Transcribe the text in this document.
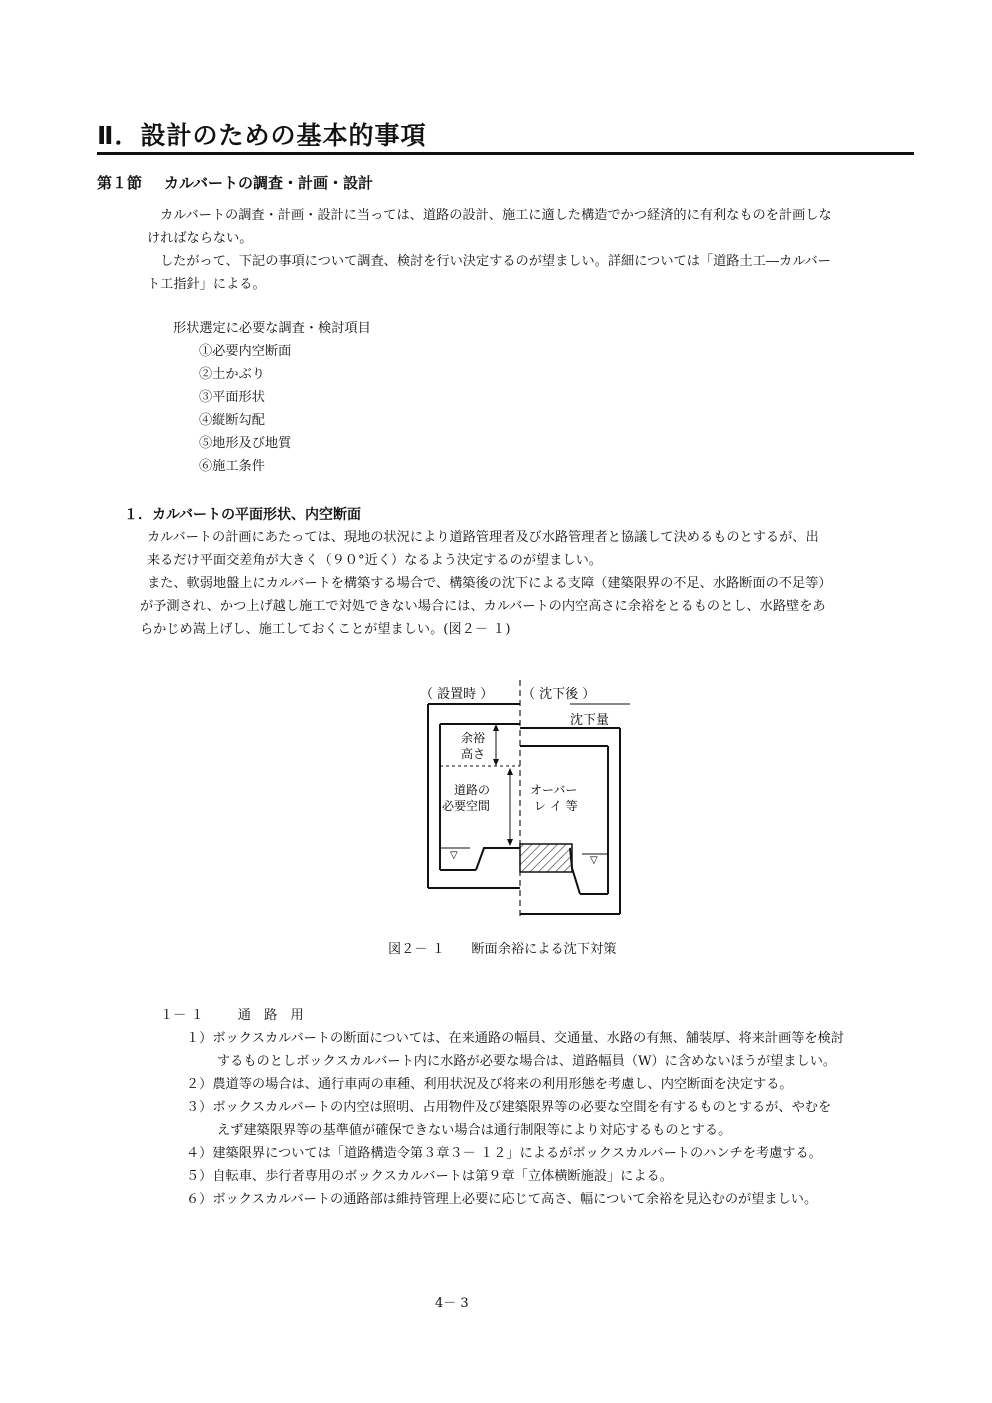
Ⅱ．設計のための基本的事項
第１節 カルバートの調査・計画・設計
カルバートの調査・計画・設計に当っては、道路の設計、施工に適した構造でかつ経済的に有利なものを計画しな
ければならない。
したがって、下記の事項について調査、検討を行い決定するのが望ましい。詳細については「道路土工―カルバー
ト工指針」による。
形状選定に必要な調査・検討項目
①必要内空断面
②土かぶり
③平面形状
④縦断勾配
⑤地形及び地質
⑥施工条件
１．カルバートの平面形状、内空断面
カルバートの計画にあたっては、現地の状況により道路管理者及び水路管理者と協議して決めるものとするが、出
来るだけ平面交差角が大きく（９０°近く）なるよう決定するのが望ましい。
また、軟弱地盤上にカルバートを構築する場合で、構築後の沈下による支障（建築限界の不足、水路断面の不足等）
が予測され、かつ上げ越し施工で対処できない場合には、カルバートの内空高さに余裕をとるものとし、水路壁をあ
らかじめ嵩上げし、施工しておくことが望ましい。(図２－ １)
（ 設置時 ） （ 沈下後 ）
▽	▽
沈下量
余裕
高さ
道路の
必要空間
オーバー
レ イ 等
図２－ １　　断面余裕による沈下対策
１－ １	通　路　用
１）ボックスカルバートの断面については、在来通路の幅員、交通量、水路の有無、舗装厚、将来計画等を検討
するものとしボックスカルバート内に水路が必要な場合は、道路幅員（W）に含めないほうが望ましい。
２）農道等の場合は、通行車両の車種、利用状況及び将来の利用形態を考慮し、内空断面を決定する。
３）ボックスカルバートの内空は照明、占用物件及び建築限界等の必要な空間を有するものとするが、やむを
えず建築限界等の基準値が確保できない場合は通行制限等により対応するものとする。
４）建築限界については「道路構造令第３章３－ １２」によるがボックスカルバートのハンチを考慮する。
５）自転車、歩行者専用のボックスカルバートは第９章「立体横断施設」による。
６）ボックスカルバートの通路部は維持管理上必要に応じて高さ、幅について余裕を見込むのが望ましい。
4－ 3
